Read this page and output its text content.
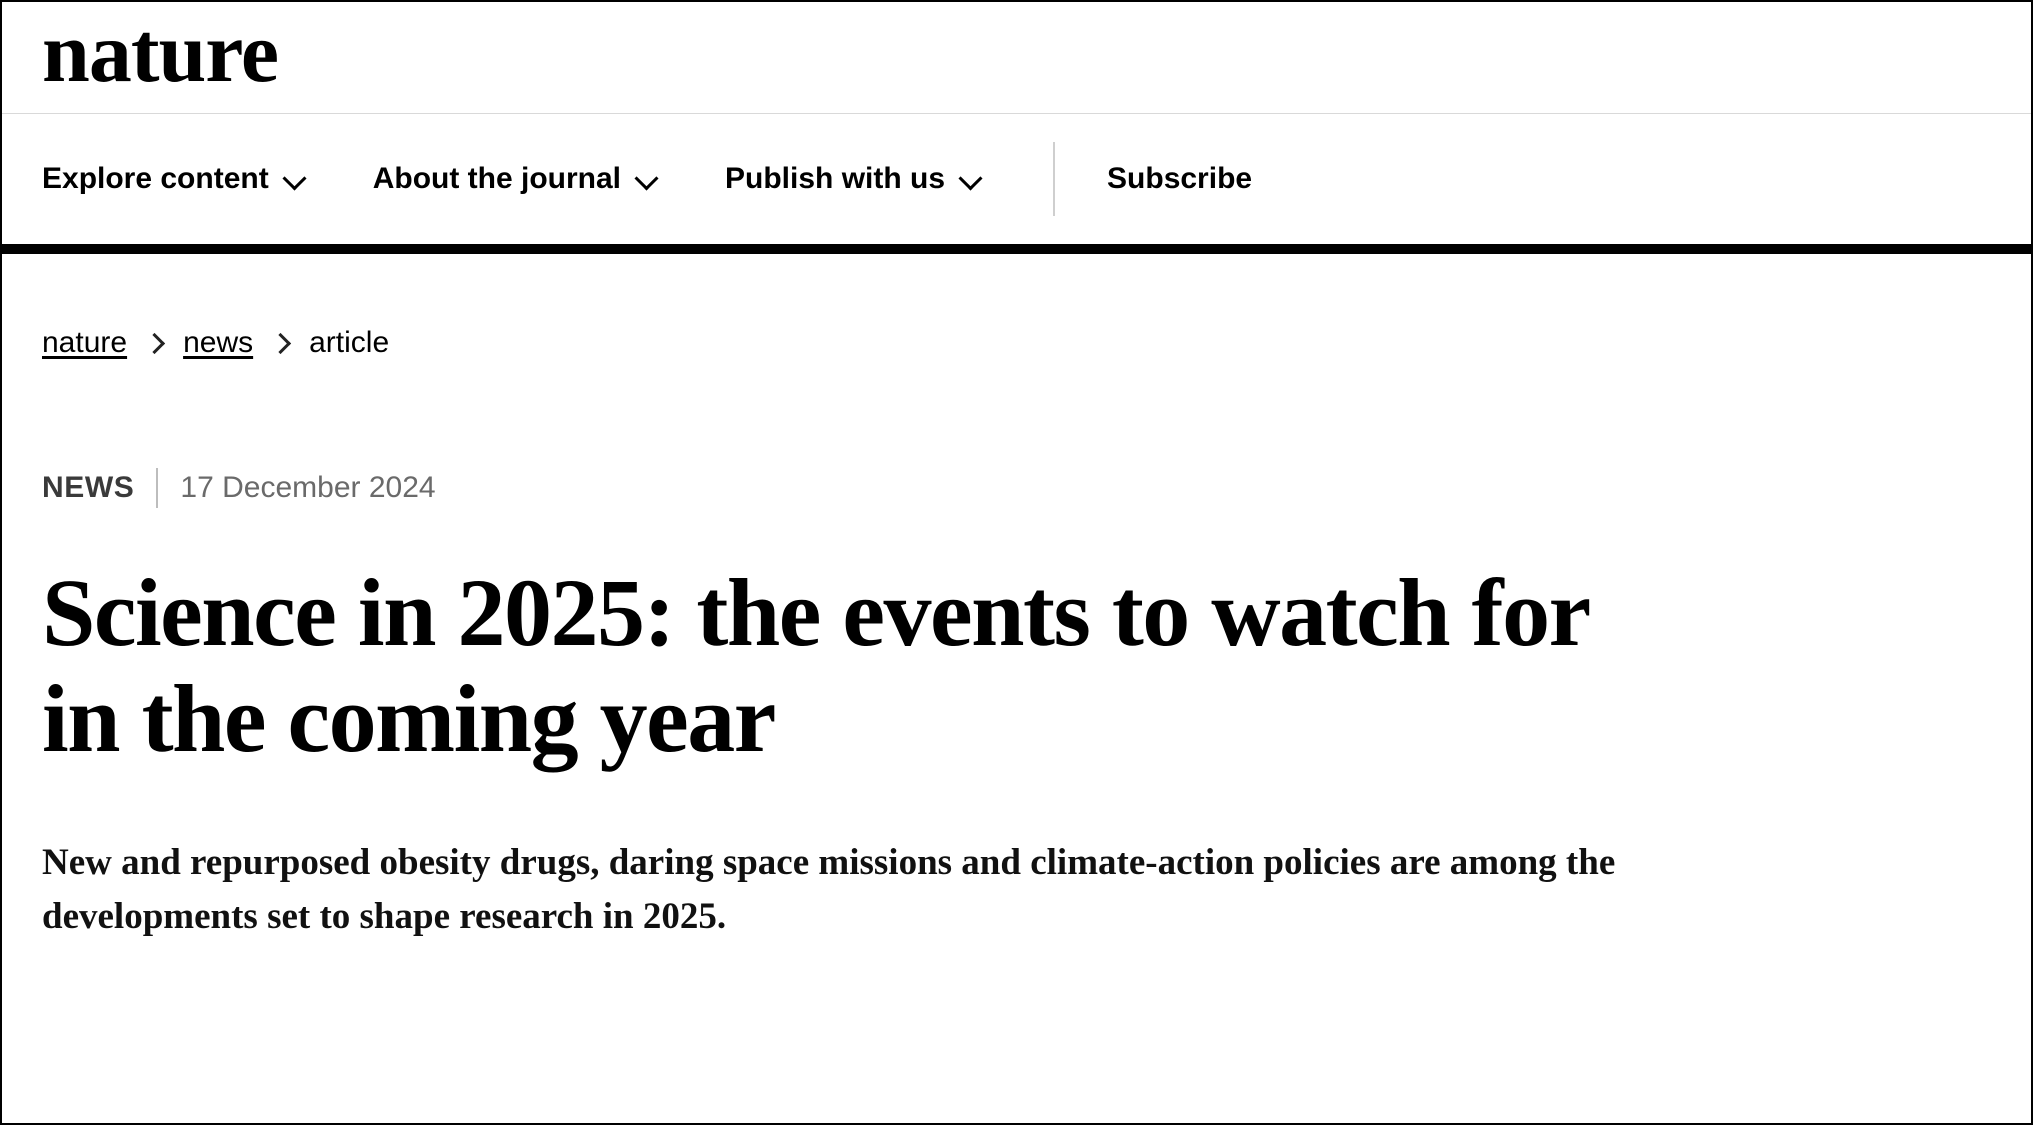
nature
Explore content	About the journal	Publish with us	Subscribe
nature news article
NEWS 17 December 2024
Science in 2025: the events to watch for in the coming year

New and repurposed obesity drugs, daring space missions and climate-action policies are among the developments set to shape research in 2025.
